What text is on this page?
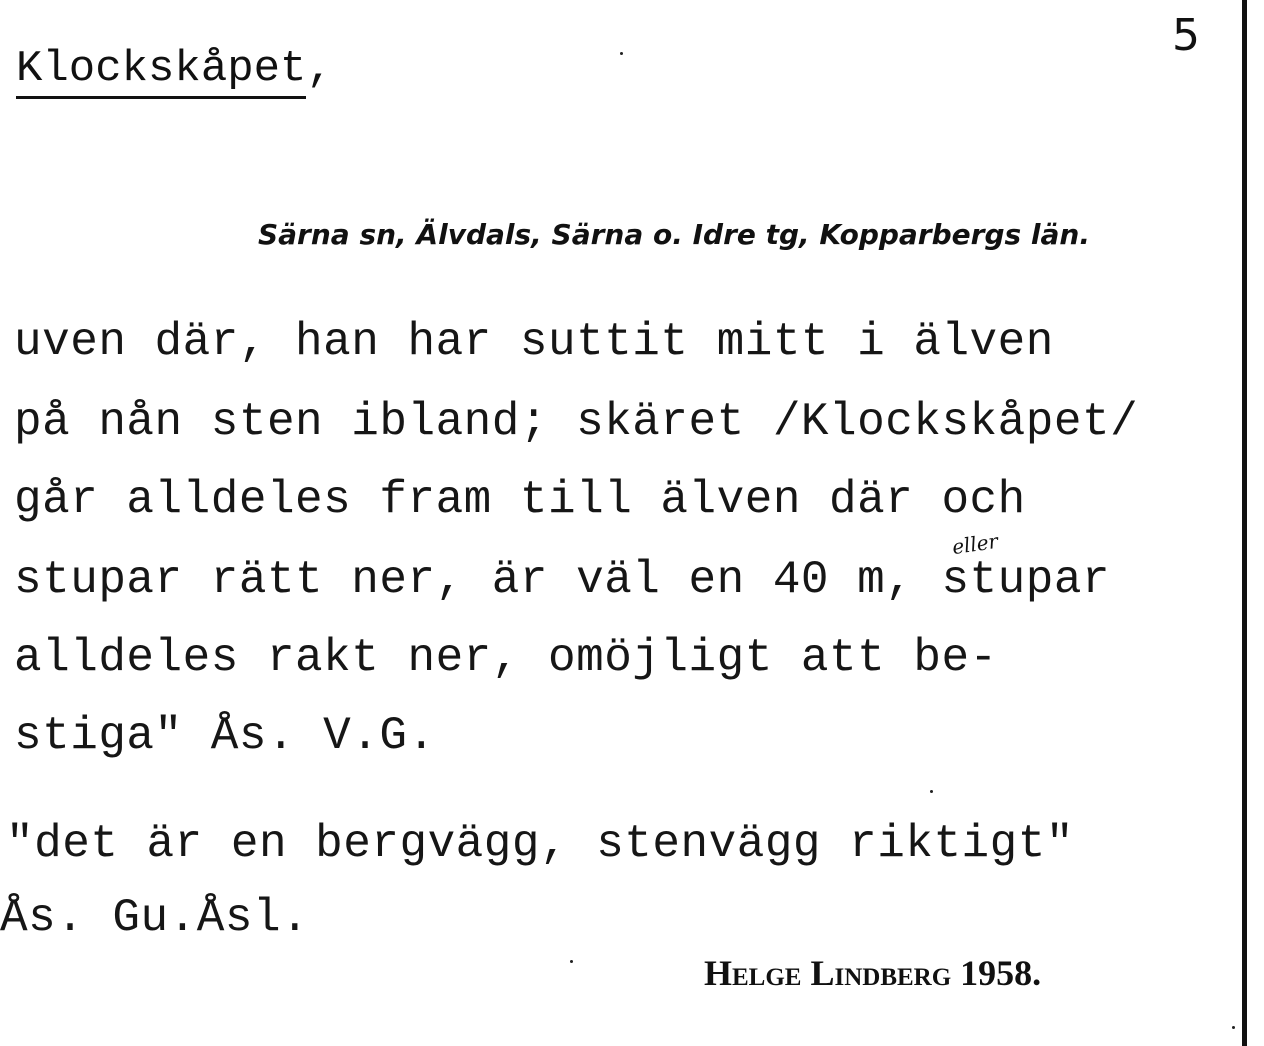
5
Klockskåpet,
Särna sn, Älvdals, Särna o. Idre tg, Kopparbergs län.
uven där, han har suttit mitt i älven
på nån sten ibland; skäret /Klockskåpet/
går alldeles fram till älven där och
stupar rätt ner, är väl en 40 m, stupar
alldeles rakt ner, omöjligt att be-
stiga" Ås. V.G.
eller
"det är en bergvägg, stenvägg riktigt"
Ås. Gu.Åsl.
Helge Lindberg 1958.
